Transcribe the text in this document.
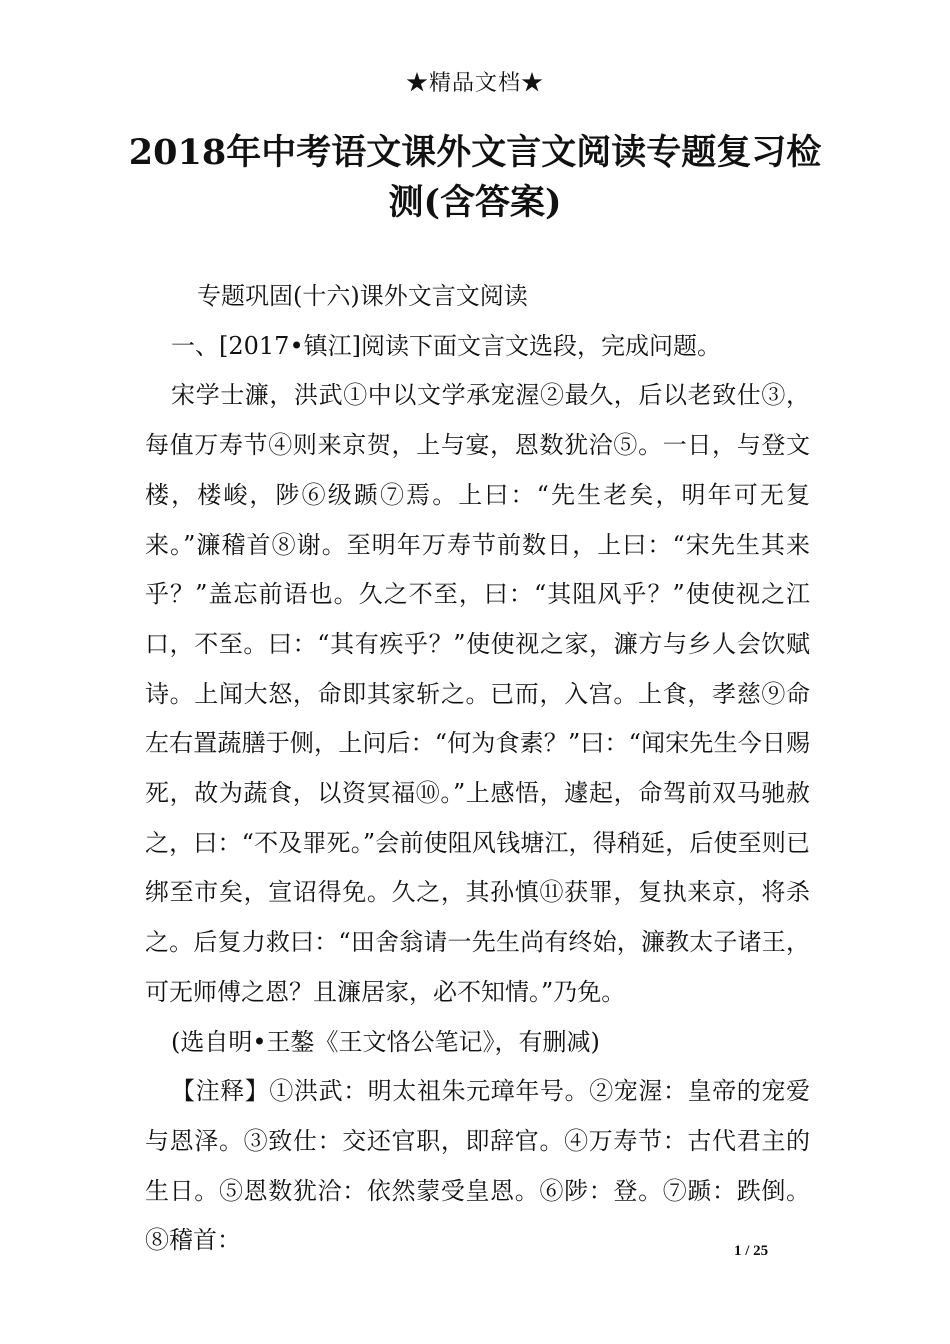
★精品文档★
2018年中考语文课外文言文阅读专题复习检测(含答案)

专题巩固(十六)课外文言文阅读

一、[2017•镇江]阅读下面文言文选段，完成问题。

宋学士濂，洪武①中以文学承宠渥②最久，后以老致仕③，每值万寿节④则来京贺，上与宴，恩数犹洽⑤。一日，与登文楼，楼峻，陟⑥级踬⑦焉。上曰：“先生老矣，明年可无复来。”濂稽首⑧谢。至明年万寿节前数日，上曰：“宋先生其来乎？”盖忘前语也。久之不至，曰：“其阻风乎？”使使视之江口，不至。曰：“其有疾乎？”使使视之家，濂方与乡人会饮赋诗。上闻大怒，命即其家斩之。已而，入宫。上食，孝慈⑨命左右置蔬膳于侧，上问后：“何为食素？”曰：“闻宋先生今日赐死，故为蔬食，以资冥福⑩。”上感悟，遽起，命驾前双马驰赦之，曰：“不及罪死。”会前使阻风钱塘江，得稍延，后使至则已绑至市矣，宣诏得免。久之，其孙慎⑪获罪，复执来京，将杀之。后复力救曰：“田舍翁请一先生尚有终始，濂教太子诸王，可无师傅之恩？且濂居家，必不知情。”乃免。

(选自明•王鏊《王文恪公笔记》，有删减)

【注释】①洪武：明太祖朱元璋年号。②宠渥：皇帝的宠爱与恩泽。③致仕：交还官职，即辞官。④万寿节：古代君主的生日。⑤恩数犹洽：依然蒙受皇恩。⑥陟：登。⑦踬：跌倒。⑧稽首：	1 / 25
